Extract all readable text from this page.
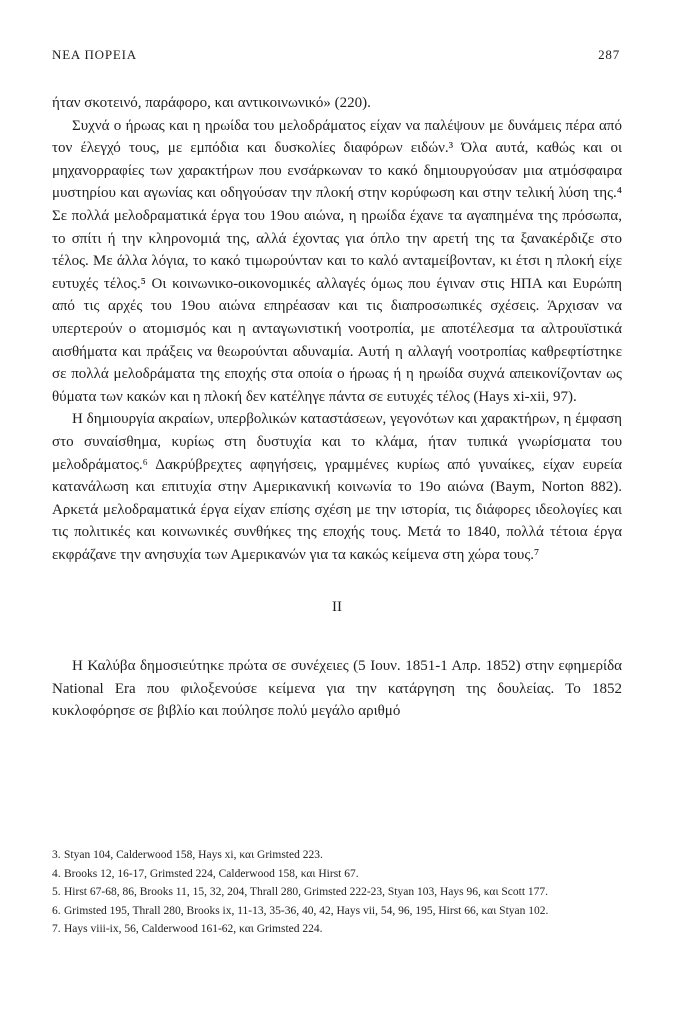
ΝΕΑ ΠΟΡΕΙΑ	287

ήταν σκοτεινό, παράφορο, και αντικοινωνικό» (220).

Συχνά ο ήρωας και η ηρωίδα του μελοδράματος είχαν να παλέψουν με δυνάμεις πέρα από τον έλεγχό τους, με εμπόδια και δυσκολίες διαφόρων ειδών.³ Όλα αυτά, καθώς και οι μηχανορραφίες των χαρακτήρων που ενσάρκωναν το κακό δημιουργούσαν μια ατμόσφαιρα μυστηρίου και αγωνίας και οδηγούσαν την πλοκή στην κορύφωση και στην τελική λύση της.⁴ Σε πολλά μελοδραματικά έργα του 19ου αιώνα, η ηρωίδα έχανε τα αγαπημένα της πρόσωπα, το σπίτι ή την κληρονομιά της, αλλά έχοντας για όπλο την αρετή της τα ξανακέρδιζε στο τέλος. Με άλλα λόγια, το κακό τιμωρούνταν και το καλό ανταμείβονταν, κι έτσι η πλοκή είχε ευτυχές τέλος.⁵ Οι κοινωνικο-οικονομικές αλλαγές όμως που έγιναν στις ΗΠΑ και Ευρώπη από τις αρχές του 19ου αιώνα επηρέασαν και τις διαπροσωπικές σχέσεις. Άρχισαν να υπερτερούν ο ατομισμός και η ανταγωνιστική νοοτροπία, με αποτέλεσμα τα αλτρουϊστικά αισθήματα και πράξεις να θεωρούνται αδυναμία. Αυτή η αλλαγή νοοτροπίας καθρεφτίστηκε σε πολλά μελοδράματα της εποχής στα οποία ο ήρωας ή η ηρωίδα συχνά απεικονίζονταν ως θύματα των κακών και η πλοκή δεν κατέληγε πάντα σε ευτυχές τέλος (Hays xi-xii, 97).

Η δημιουργία ακραίων, υπερβολικών καταστάσεων, γεγονότων και χαρακτήρων, η έμφαση στο συναίσθημα, κυρίως στη δυστυχία και το κλάμα, ήταν τυπικά γνωρίσματα του μελοδράματος.⁶ Δακρύβρεχτες αφηγήσεις, γραμμένες κυρίως από γυναίκες, είχαν ευρεία κατανάλωση και επιτυχία στην Αμερικανική κοινωνία το 19ο αιώνα (Baym, Norton 882). Αρκετά μελοδραματικά έργα είχαν επίσης σχέση με την ιστορία, τις διάφορες ιδεολογίες και τις πολιτικές και κοινωνικές συνθήκες της εποχής τους. Μετά το 1840, πολλά τέτοια έργα εκφράζανε την ανησυχία των Αμερικανών για τα κακώς κείμενα στη χώρα τους.⁷

II

Η Καλύβα δημοσιεύτηκε πρώτα σε συνέχειες (5 Ιουν. 1851-1 Απρ. 1852) στην εφημερίδα National Era που φιλοξενούσε κείμενα για την κατάργηση της δουλείας. Το 1852 κυκλοφόρησε σε βιβλίο και πούλησε πολύ μεγάλο αριθμό

3. Styan 104, Calderwood 158, Hays xi, και Grimsted 223.
4. Brooks 12, 16-17, Grimsted 224, Calderwood 158, και Hirst 67.
5. Hirst 67-68, 86, Brooks 11, 15, 32, 204, Thrall 280, Grimsted 222-23, Styan 103, Hays 96, και Scott 177.
6. Grimsted 195, Thrall 280, Brooks ix, 11-13, 35-36, 40, 42, Hays vii, 54, 96, 195, Hirst 66, και Styan 102.
7. Hays viii-ix, 56, Calderwood 161-62, και Grimsted 224.
